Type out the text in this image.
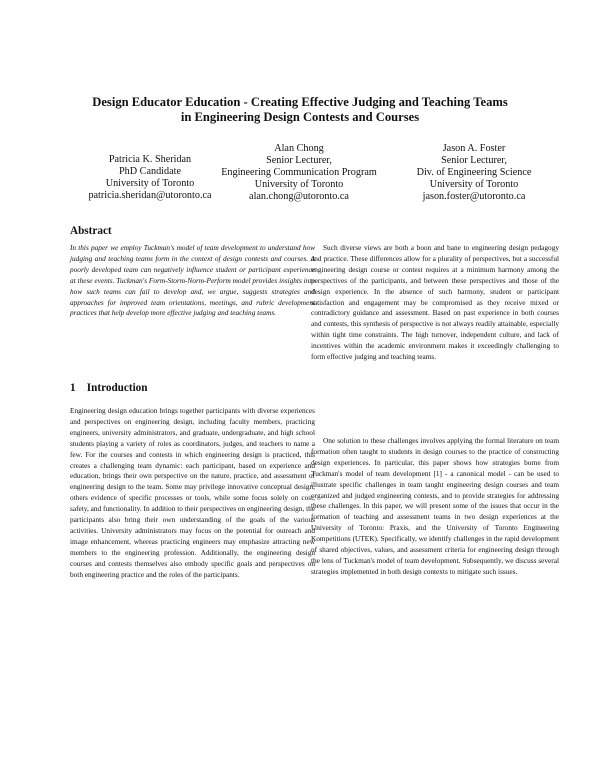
Design Educator Education - Creating Effective Judging and Teaching Teams
in Engineering Design Contests and Courses
Patricia K. Sheridan
PhD Candidate
University of Toronto
patricia.sheridan@utoronto.ca
Alan Chong
Senior Lecturer,
Engineering Communication Program
University of Toronto
alan.chong@utoronto.ca
Jason A. Foster
Senior Lecturer,
Div. of Engineering Science
University of Toronto
jason.foster@utoronto.ca
Abstract

In this paper we employ Tuckman's model of team development to understand how judging and teaching teams form in the context of design contests and courses. A poorly developed team can negatively influence student or participant experience at these events. Tuckman's Form-Storm-Norm-Perform model provides insights into how such teams can fail to develop and, we argue, suggests strategies and approaches for improved team orientations, meetings, and rubric development practices that help develop more effective judging and teaching teams.

1    Introduction

Engineering design education brings together participants with diverse experiences and perspectives on engineering design, including faculty members, practicing engineers, university administrators, and graduate, undergraduate, and high school students playing a variety of roles as coordinators, judges, and teachers to name a few. For the courses and contests in which engineering design is practiced, this creates a challenging team dynamic: each participant, based on experience and education, brings their own perspective on the nature, practice, and assessment of engineering design to the team. Some may privilege innovative conceptual design, others evidence of specific processes or tools, while some focus solely on cost, safety, and functionality. In addition to their perspectives on engineering design, the participants also bring their own understanding of the goals of the various activities. University administrators may focus on the potential for outreach and image enhancement, whereas practicing engineers may emphasize attracting new members to the engineering profession. Additionally, the engineering design courses and contests themselves also embody specific goals and perspectives on both engineering practice and the roles of the participants.

Such diverse views are both a boon and bane to engineering design pedagogy and practice. These differences allow for a plurality of perspectives, but a successful engineering design course or contest requires at a minimum harmony among the perspectives of the participants, and between these perspectives and those of the design experience. In the absence of such harmony, student or participant satisfaction and engagement may be compromised as they receive mixed or contradictory guidance and assessment. Based on past experience in both courses and contests, this synthesis of perspective is not always readily attainable, especially within tight time constraints. The high turnover, independent culture, and lack of incentives within the academic environment makes it exceedingly challenging to form effective judging and teaching teams.

One solution to these challenges involves applying the formal literature on team formation often taught to students in design courses to the practice of constructing design experiences. In particular, this paper shows how strategies borne from Tuckman's model of team development [1] - a canonical model - can be used to illustrate specific challenges in team taught engineering design courses and team organized and judged engineering contests, and to provide strategies for addressing these challenges. In this paper, we will present some of the issues that occur in the formation of teaching and assessment teams in two design experiences at the University of Toronto: Praxis, and the University of Toronto Engineering Kompetitions (UTEK). Specifically, we identify challenges in the rapid development of shared objectives, values, and assessment criteria for engineering design through the lens of Tuckman's model of team development. Subsequently, we discuss several strategies implemented in both design contexts to mitigate such issues.
